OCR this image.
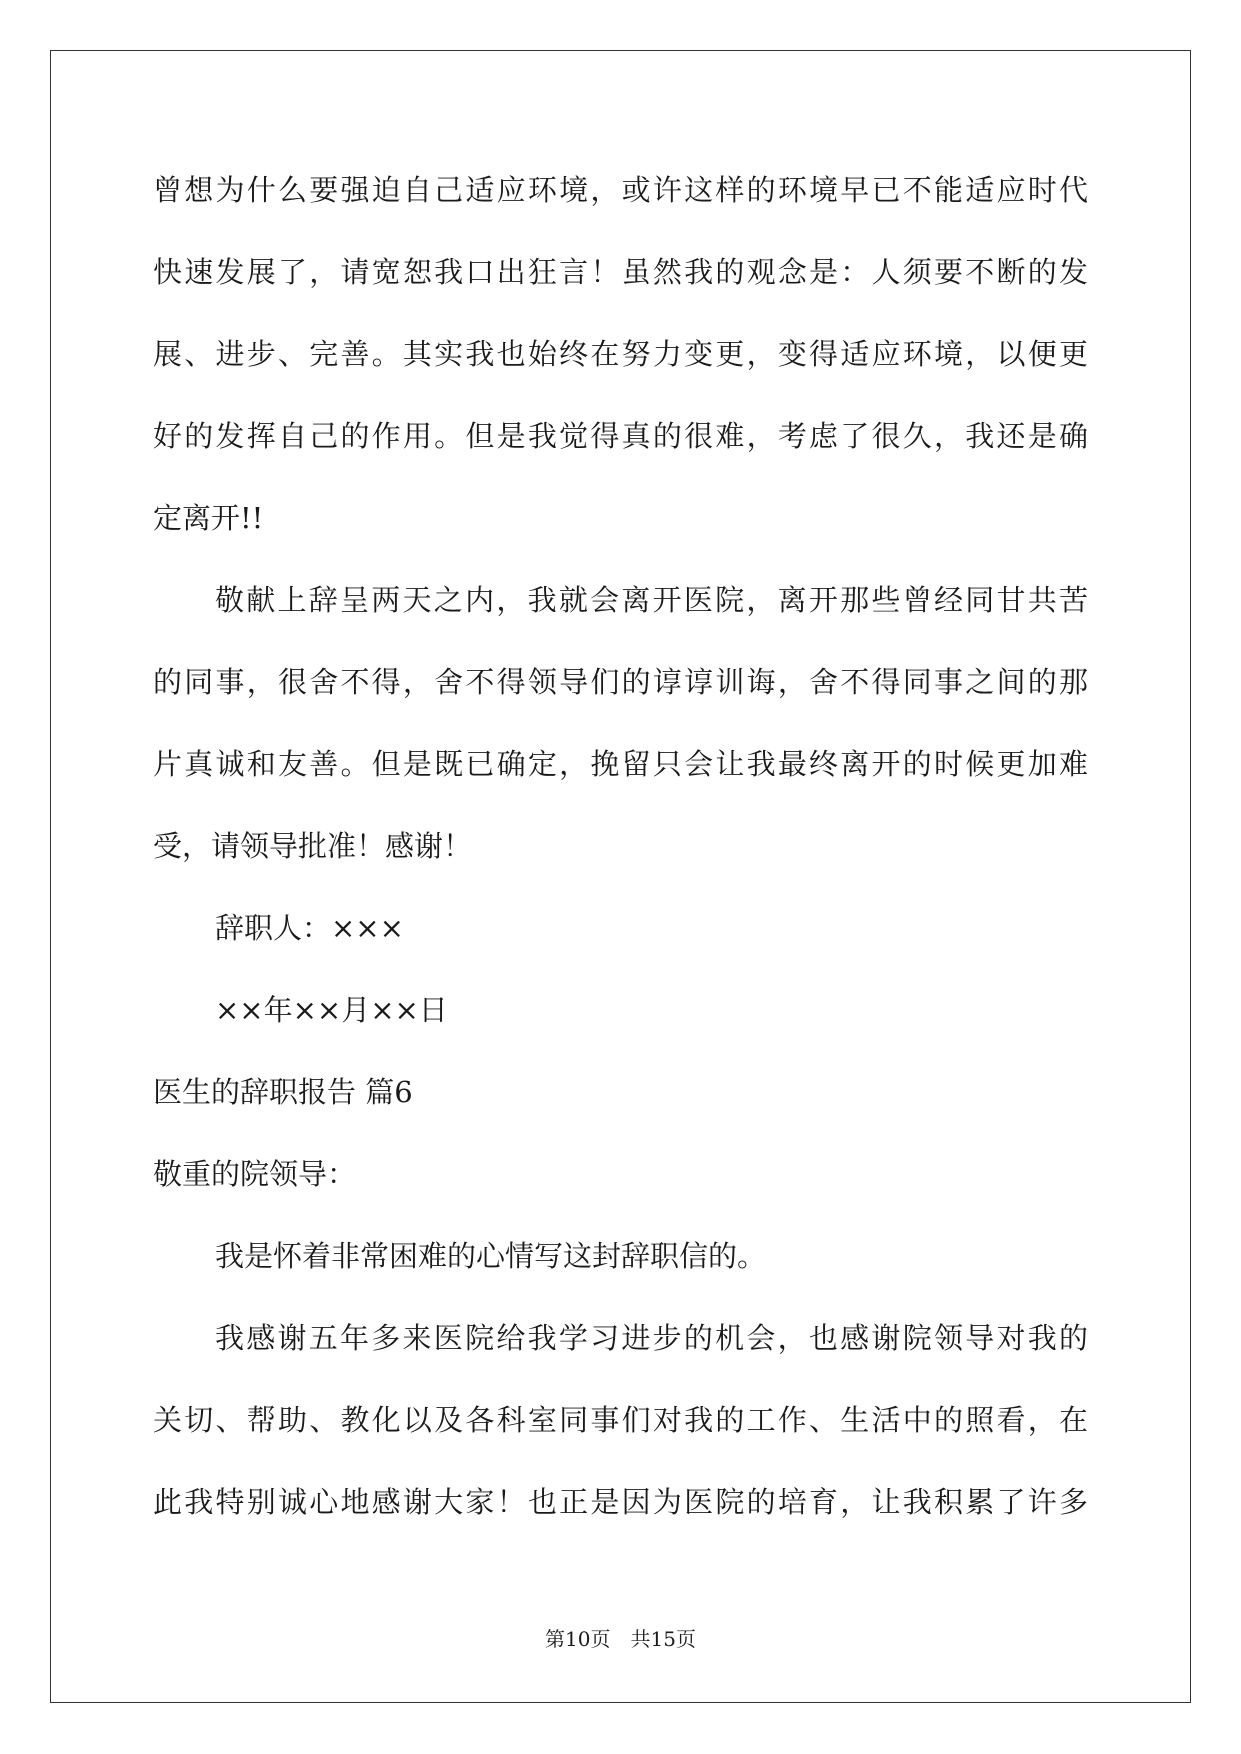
曾想为什么要强迫自己适应环境，或许这样的环境早已不能适应时代

快速发展了，请宽恕我口出狂言！虽然我的观念是：人须要不断的发

展、进步、完善。其实我也始终在努力变更，变得适应环境，以便更

好的发挥自己的作用。但是我觉得真的很难，考虑了很久，我还是确

定离开!!

敬献上辞呈两天之内，我就会离开医院，离开那些曾经同甘共苦

的同事，很舍不得，舍不得领导们的谆谆训诲，舍不得同事之间的那

片真诚和友善。但是既已确定，挽留只会让我最终离开的时候更加难

受，请领导批准！感谢！

辞职人：×××

××年××月××日

医生的辞职报告 篇6

敬重的院领导：

我是怀着非常困难的心情写这封辞职信的。

我感谢五年多来医院给我学习进步的机会，也感谢院领导对我的

关切、帮助、教化以及各科室同事们对我的工作、生活中的照看，在

此我特别诚心地感谢大家！也正是因为医院的培育，让我积累了许多

第10页　共15页
